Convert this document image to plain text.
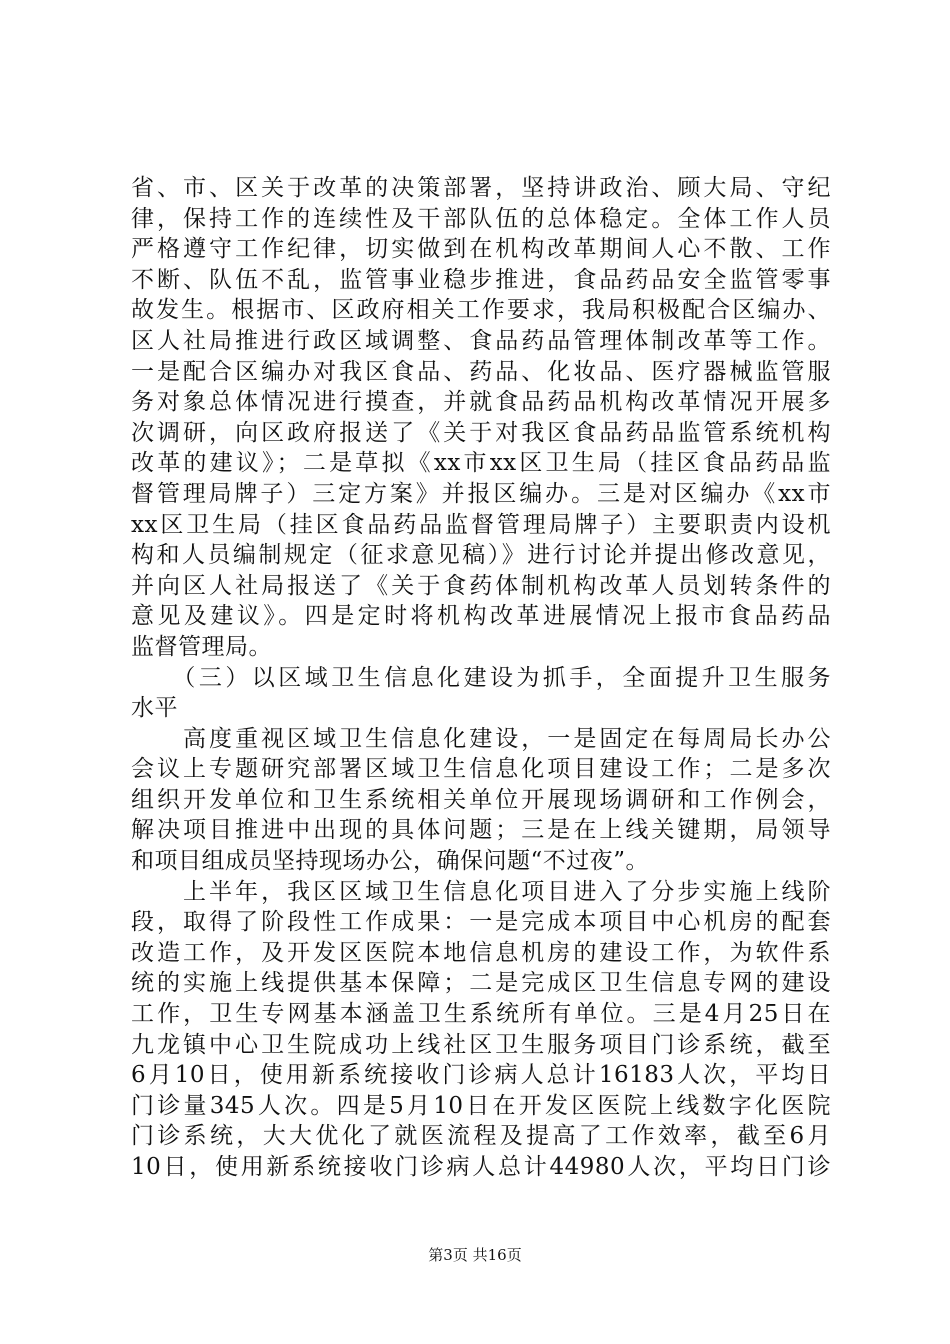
省、市、区关于改革的决策部署，坚持讲政治、顾大局、守纪
律，保持工作的连续性及干部队伍的总体稳定。全体工作人员
严格遵守工作纪律，切实做到在机构改革期间人心不散、工作
不断、队伍不乱，监管事业稳步推进，食品药品安全监管零事
故发生。根据市、区政府相关工作要求，我局积极配合区编办、
区人社局推进行政区域调整、食品药品管理体制改革等工作。
一是配合区编办对我区食品、药品、化妆品、医疗器械监管服
务对象总体情况进行摸查，并就食品药品机构改革情况开展多
次调研，向区政府报送了《关于对我区食品药品监管系统机构
改革的建议》；二是草拟《xx市xx区卫生局（挂区食品药品监
督管理局牌子）三定方案》并报区编办。三是对区编办《xx市
xx区卫生局（挂区食品药品监督管理局牌子）主要职责内设机
构和人员编制规定（征求意见稿）》进行讨论并提出修改意见，
并向区人社局报送了《关于食药体制机构改革人员划转条件的
意见及建议》。四是定时将机构改革进展情况上报市食品药品
监督管理局。
　　（三）以区域卫生信息化建设为抓手，全面提升卫生服务
水平
　　高度重视区域卫生信息化建设，一是固定在每周局长办公
会议上专题研究部署区域卫生信息化项目建设工作；二是多次
组织开发单位和卫生系统相关单位开展现场调研和工作例会，
解决项目推进中出现的具体问题；三是在上线关键期，局领导
和项目组成员坚持现场办公，确保问题“不过夜”。
　　上半年，我区区域卫生信息化项目进入了分步实施上线阶
段，取得了阶段性工作成果：一是完成本项目中心机房的配套
改造工作，及开发区医院本地信息机房的建设工作，为软件系
统的实施上线提供基本保障；二是完成区卫生信息专网的建设
工作，卫生专网基本涵盖卫生系统所有单位。三是4月25日在
九龙镇中心卫生院成功上线社区卫生服务项目门诊系统，截至
6月10日，使用新系统接收门诊病人总计16183人次，平均日
门诊量345人次。四是5月10日在开发区医院上线数字化医院
门诊系统，大大优化了就医流程及提高了工作效率，截至6月
10日，使用新系统接收门诊病人总计44980人次，平均日门诊
第3页 共16页
